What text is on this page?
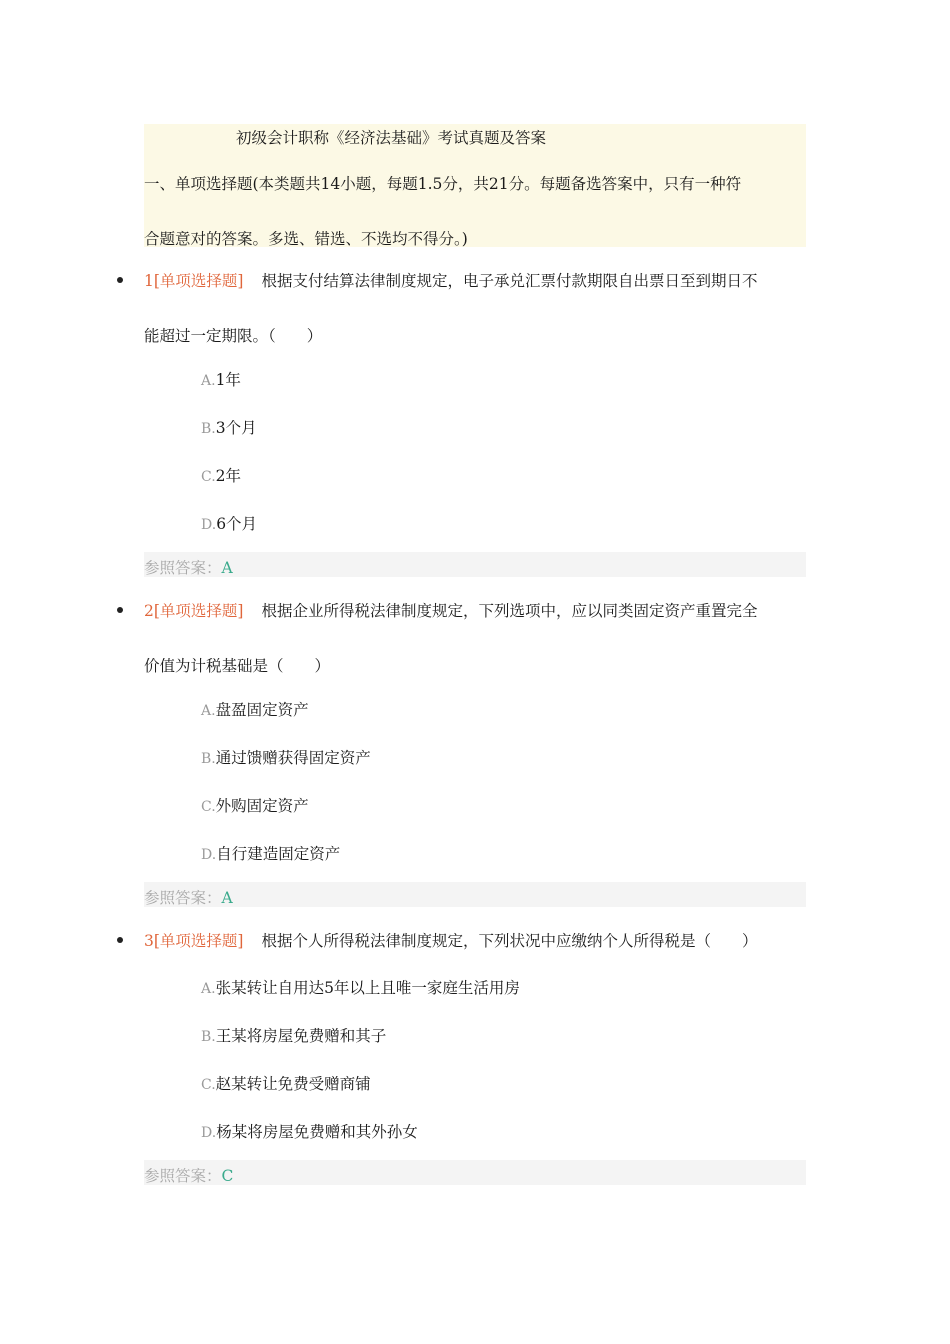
初级会计职称《经济法基础》考试真题及答案
一、单项选择题(本类题共14小题，每题1.5分，共21分。每题备选答案中，只有一种符
合题意对的答案。多选、错选、不选均不得分。)
1[单项选择题] 根据支付结算法律制度规定，电子承兑汇票付款期限自出票日至到期日不
能超过一定期限。（　　）
A.1年
B.3个月
C.2年
D.6个月
参照答案：A
2[单项选择题] 根据企业所得税法律制度规定，下列选项中，应以同类固定资产重置完全
价值为计税基础是（　　）
A.盘盈固定资产
B.通过馈赠获得固定资产
C.外购固定资产
D.自行建造固定资产
参照答案：A
3[单项选择题] 根据个人所得税法律制度规定，下列状况中应缴纳个人所得税是（　　）
A.张某转让自用达5年以上且唯一家庭生活用房
B.王某将房屋免费赠和其子
C.赵某转让免费受赠商铺
D.杨某将房屋免费赠和其外孙女
参照答案：C
